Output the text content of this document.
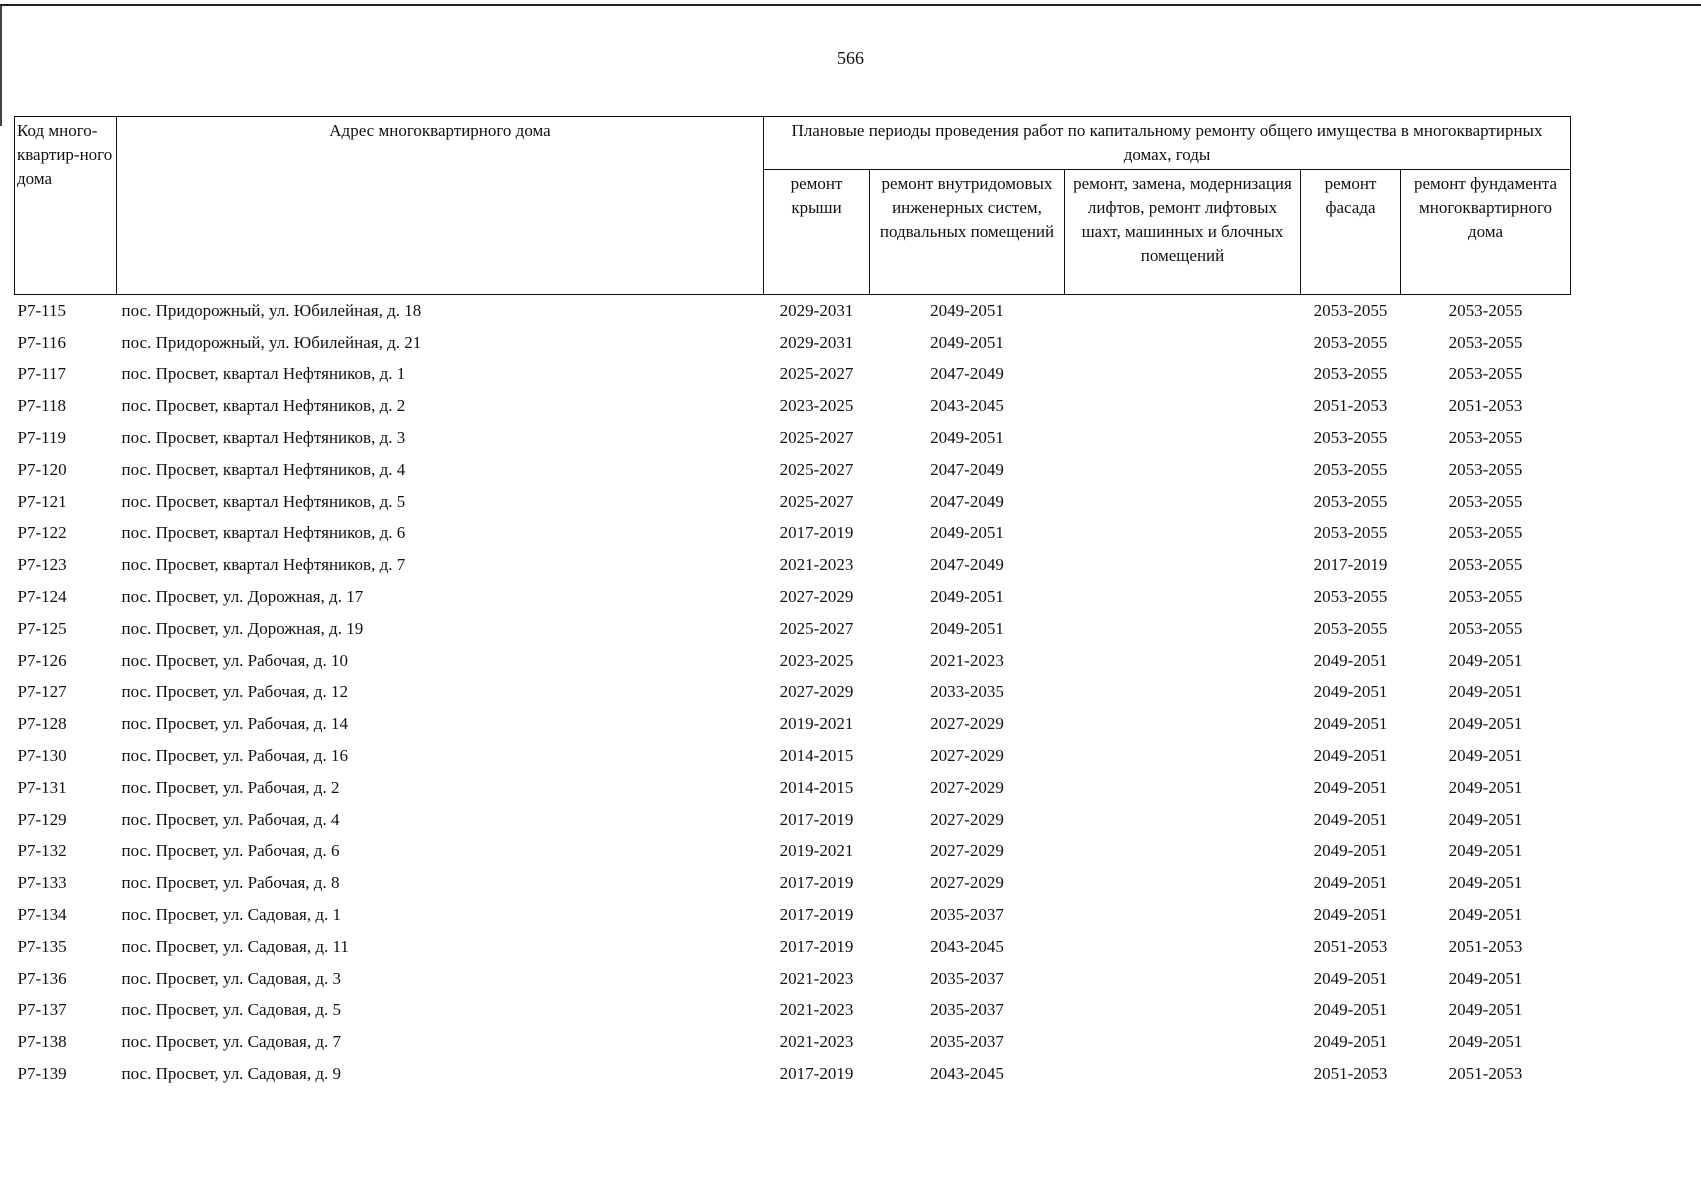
566
Код много-квартир-ного дома	Адрес многоквартирного дома	Плановые периоды проведения работ по капитальному ремонту общего имущества в многоквартирных домах, годы				
		ремонт крыши	ремонт внутридомовых инженерных систем, подвальных помещений	ремонт, замена, модернизация лифтов, ремонт лифтовых шахт, машинных и блочных помещений	ремонт фасада	ремонт фундамента многоквартирного дома
P7-115	пос. Придорожный, ул. Юбилейная, д. 18	2029-2031	2049-2051		2053-2055	2053-2055
P7-116	пос. Придорожный, ул. Юбилейная, д. 21	2029-2031	2049-2051		2053-2055	2053-2055
P7-117	пос. Просвет, квартал Нефтяников, д. 1	2025-2027	2047-2049		2053-2055	2053-2055
P7-118	пос. Просвет, квартал Нефтяников, д. 2	2023-2025	2043-2045		2051-2053	2051-2053
P7-119	пос. Просвет, квартал Нефтяников, д. 3	2025-2027	2049-2051		2053-2055	2053-2055
P7-120	пос. Просвет, квартал Нефтяников, д. 4	2025-2027	2047-2049		2053-2055	2053-2055
P7-121	пос. Просвет, квартал Нефтяников, д. 5	2025-2027	2047-2049		2053-2055	2053-2055
P7-122	пос. Просвет, квартал Нефтяников, д. 6	2017-2019	2049-2051		2053-2055	2053-2055
P7-123	пос. Просвет, квартал Нефтяников, д. 7	2021-2023	2047-2049		2017-2019	2053-2055
P7-124	пос. Просвет, ул. Дорожная, д. 17	2027-2029	2049-2051		2053-2055	2053-2055
P7-125	пос. Просвет, ул. Дорожная, д. 19	2025-2027	2049-2051		2053-2055	2053-2055
P7-126	пос. Просвет, ул. Рабочая, д. 10	2023-2025	2021-2023		2049-2051	2049-2051
P7-127	пос. Просвет, ул. Рабочая, д. 12	2027-2029	2033-2035		2049-2051	2049-2051
P7-128	пос. Просвет, ул. Рабочая, д. 14	2019-2021	2027-2029		2049-2051	2049-2051
P7-130	пос. Просвет, ул. Рабочая, д. 16	2014-2015	2027-2029		2049-2051	2049-2051
P7-131	пос. Просвет, ул. Рабочая, д. 2	2014-2015	2027-2029		2049-2051	2049-2051
P7-129	пос. Просвет, ул. Рабочая, д. 4	2017-2019	2027-2029		2049-2051	2049-2051
P7-132	пос. Просвет, ул. Рабочая, д. 6	2019-2021	2027-2029		2049-2051	2049-2051
P7-133	пос. Просвет, ул. Рабочая, д. 8	2017-2019	2027-2029		2049-2051	2049-2051
P7-134	пос. Просвет, ул. Садовая, д. 1	2017-2019	2035-2037		2049-2051	2049-2051
P7-135	пос. Просвет, ул. Садовая, д. 11	2017-2019	2043-2045		2051-2053	2051-2053
P7-136	пос. Просвет, ул. Садовая, д. 3	2021-2023	2035-2037		2049-2051	2049-2051
P7-137	пос. Просвет, ул. Садовая, д. 5	2021-2023	2035-2037		2049-2051	2049-2051
P7-138	пос. Просвет, ул. Садовая, д. 7	2021-2023	2035-2037		2049-2051	2049-2051
P7-139	пос. Просвет, ул. Садовая, д. 9	2017-2019	2043-2045		2051-2053	2051-2053
